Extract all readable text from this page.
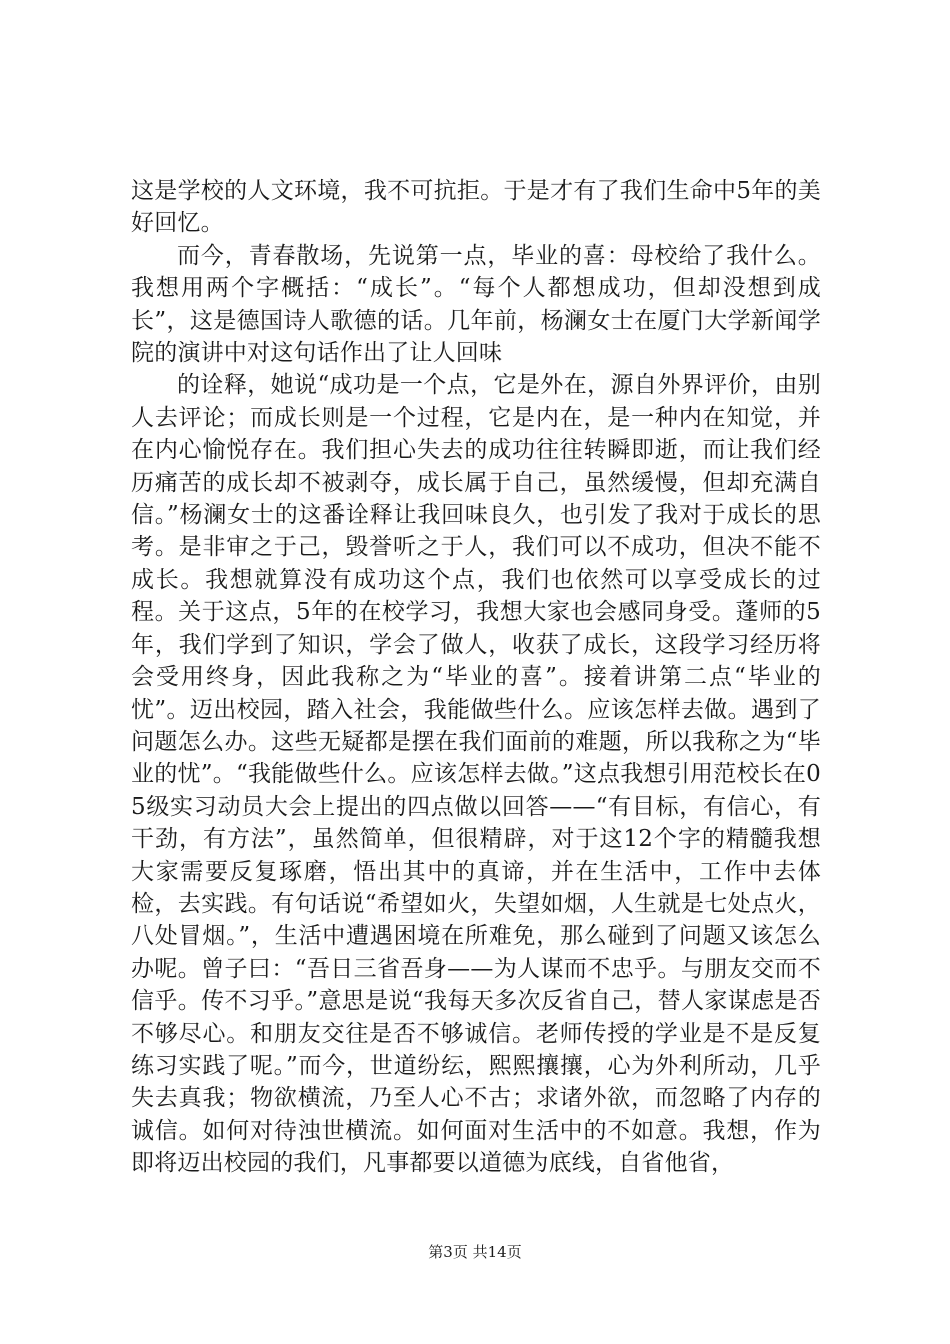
这是学校的人文环境，我不可抗拒。于是才有了我们生命中5年的美好回忆。

而今，青春散场，先说第一点，毕业的喜：母校给了我什么。我想用两个字概括：“成长”。“每个人都想成功，但却没想到成长”，这是德国诗人歌德的话。几年前，杨澜女士在厦门大学新闻学院的演讲中对这句话作出了让人回味

的诠释，她说“成功是一个点，它是外在，源自外界评价，由别人去评论；而成长则是一个过程，它是内在，是一种内在知觉，并在内心愉悦存在。我们担心失去的成功往往转瞬即逝，而让我们经历痛苦的成长却不被剥夺，成长属于自己，虽然缓慢，但却充满自信。”杨澜女士的这番诠释让我回味良久，也引发了我对于成长的思考。是非审之于己，毁誉听之于人，我们可以不成功，但决不能不成长。我想就算没有成功这个点，我们也依然可以享受成长的过程。关于这点，5年的在校学习，我想大家也会感同身受。蓬师的5年，我们学到了知识，学会了做人，收获了成长，这段学习经历将会受用终身，因此我称之为“毕业的喜”。接着讲第二点“毕业的忧”。迈出校园，踏入社会，我能做些什么。应该怎样去做。遇到了问题怎么办。这些无疑都是摆在我们面前的难题，所以我称之为“毕业的忧”。“我能做些什么。应该怎样去做。”这点我想引用范校长在05级实习动员大会上提出的四点做以回答——“有目标，有信心，有干劲，有方法”，虽然简单，但很精辟，对于这12个字的精髓我想大家需要反复琢磨，悟出其中的真谛，并在生活中，工作中去体检，去实践。有句话说“希望如火，失望如烟，人生就是七处点火，八处冒烟。”，生活中遭遇困境在所难免，那么碰到了问题又该怎么办呢。曾子曰：“吾日三省吾身——为人谋而不忠乎。与朋友交而不信乎。传不习乎。”意思是说“我每天多次反省自己，替人家谋虑是否不够尽心。和朋友交往是否不够诚信。老师传授的学业是不是反复练习实践了呢。”而今，世道纷纭，熙熙攘攘，心为外利所动，几乎失去真我；物欲横流，乃至人心不古；求诸外欲，而忽略了内存的诚信。如何对待浊世横流。如何面对生活中的不如意。我想，作为即将迈出校园的我们，凡事都要以道德为底线，自省他省，

第3页 共14页
